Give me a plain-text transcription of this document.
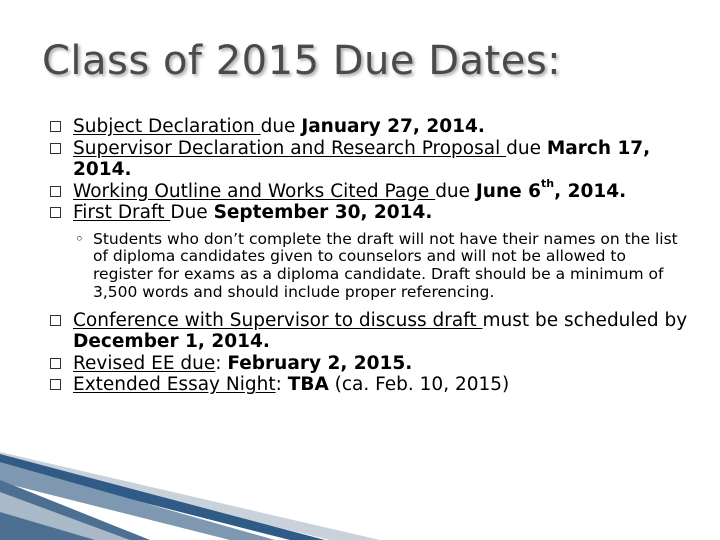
Class of 2015 Due Dates:
Subject Declaration due January 27, 2014.
Supervisor Declaration and Research Proposal due March 17, 2014.
Working Outline and Works Cited Page due June 6th, 2014.
First Draft Due September 30, 2014.
◦ Students who don’t complete the draft will not have their names on the list of diploma candidates given to counselors and will not be allowed to register for exams as a diploma candidate. Draft should be a minimum of 3,500 words and should include proper referencing.
Conference with Supervisor to discuss draft must be scheduled by December 1, 2014.
Revised EE due: February 2, 2015.
Extended Essay Night: TBA (ca. Feb. 10, 2015)
